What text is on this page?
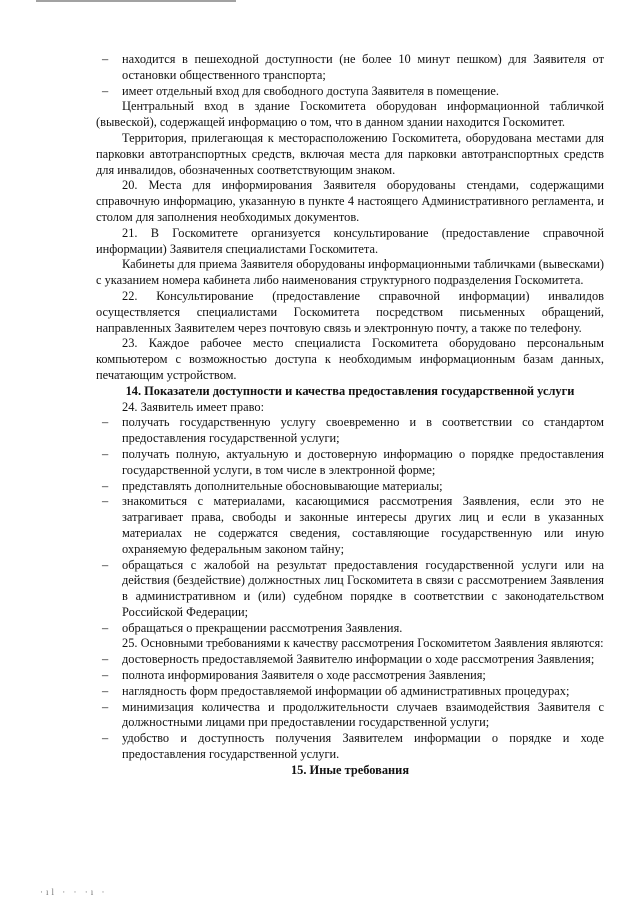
– находится в пешеходной доступности (не более 10 минут пешком) для Заявителя от остановки общественного транспорта;

– имеет отдельный вход для свободного доступа Заявителя в помещение.

Центральный вход в здание Госкомитета оборудован информационной табличкой (вывеской), содержащей информацию о том, что в данном здании находится Госкомитет.

Территория, прилегающая к месторасположению Госкомитета, оборудована местами для парковки автотранспортных средств, включая места для парковки автотранспортных средств для инвалидов, обозначенных соответствующим знаком.

20. Места для информирования Заявителя оборудованы стендами, содержащими справочную информацию, указанную в пункте 4 настоящего Административного регламента, и столом для заполнения необходимых документов.

21. В Госкомитете организуется консультирование (предоставление справочной информации) Заявителя специалистами Госкомитета.

Кабинеты для приема Заявителя оборудованы информационными табличками (вывесками) с указанием номера кабинета либо наименования структурного подразделения Госкомитета.

22. Консультирование (предоставление справочной информации) инвалидов осуществляется специалистами Госкомитета посредством письменных обращений, направленных Заявителем через почтовую связь и электронную почту, а также по телефону.

23. Каждое рабочее место специалиста Госкомитета оборудовано персональным компьютером с возможностью доступа к необходимым информационным базам данных, печатающим устройством.

14. Показатели доступности и качества предоставления государственной услуги

24. Заявитель имеет право:

– получать государственную услугу своевременно и в соответствии со стандартом предоставления государственной услуги;

– получать полную, актуальную и достоверную информацию о порядке предоставления государственной услуги, в том числе в электронной форме;

– представлять дополнительные обосновывающие материалы;

– знакомиться с материалами, касающимися рассмотрения Заявления, если это не затрагивает права, свободы и законные интересы других лиц и если в указанных материалах не содержатся сведения, составляющие государственную или иную охраняемую федеральным законом тайну;

– обращаться с жалобой на результат предоставления государственной услуги или на действия (бездействие) должностных лиц Госкомитета в связи с рассмотрением Заявления в административном и (или) судебном порядке в соответствии с законодательством Российской Федерации;

– обращаться о прекращении рассмотрения Заявления.

25. Основными требованиями к качеству рассмотрения Госкомитетом Заявления являются:

– достоверность предоставляемой Заявителю информации о ходе рассмотрения Заявления;

– полнота информирования Заявителя о ходе рассмотрения Заявления;

– наглядность форм предоставляемой информации об административных процедурах;

– минимизация количества и продолжительности случаев взаимодействия Заявителя с должностными лицами при предоставлении государственной услуги;

– удобство и доступность получения Заявителем информации о порядке и ходе предоставления государственной услуги.

15. Иные требования

·ıl · · ·ı ·
